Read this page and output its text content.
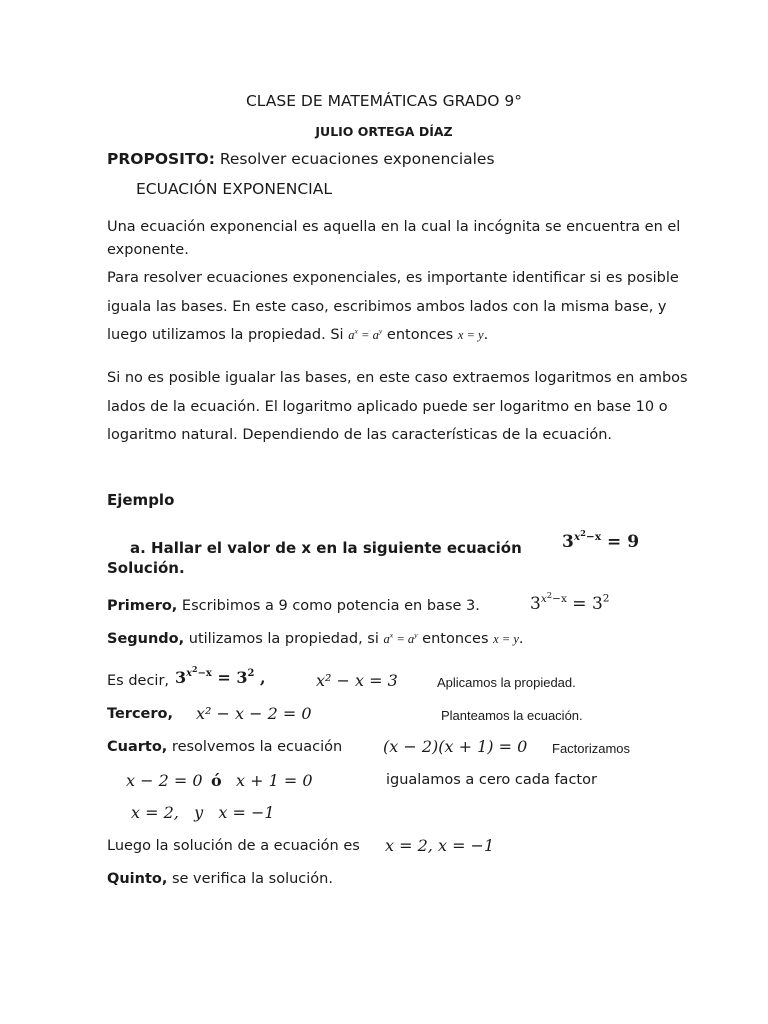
CLASE DE MATEMÁTICAS GRADO 9°
JULIO ORTEGA DÍAZ
PROPOSITO: Resolver ecuaciones exponenciales
ECUACIÓN EXPONENCIAL
Una ecuación exponencial es aquella en la cual la incógnita se encuentra en el exponente.
Para resolver ecuaciones exponenciales, es importante identificar si es posible iguala las bases. En este caso, escribimos ambos lados con la misma base, y luego utilizamos la propiedad. Si $a^x = a^y$ entonces x = y.
Si no es posible igualar las bases, en este caso extraemos logaritmos en ambos lados de la ecuación. El logaritmo aplicado puede ser logaritmo en base 10 o logaritmo natural. Dependiendo de las características de la ecuación.
Ejemplo
a. Hallar el valor de x en la siguiente ecuación $3^{x^2-x} = 9$
Solución.
Primero, Escribimos a 9 como potencia en base 3.	$3^{x^2-x} = 3^2$
Segundo, utilizamos la propiedad, si $a^x = a^y$ entonces x = y.
Es decir, $3^{x^2-x} = 3^2$ ,	x² − x = 3	Aplicamos la propiedad.
Tercero, x² − x − 2 = 0	Planteamos la ecuación.
Cuarto, resolvemos la ecuación	(x − 2)(x + 1) = 0 Factorizamos
x − 2 = 0 ó x + 1 = 0	igualamos a cero cada factor
x = 2,   y   x = −1
Luego la solución de a ecuación es x = 2, x = −1
Quinto, se verifica la solución.
